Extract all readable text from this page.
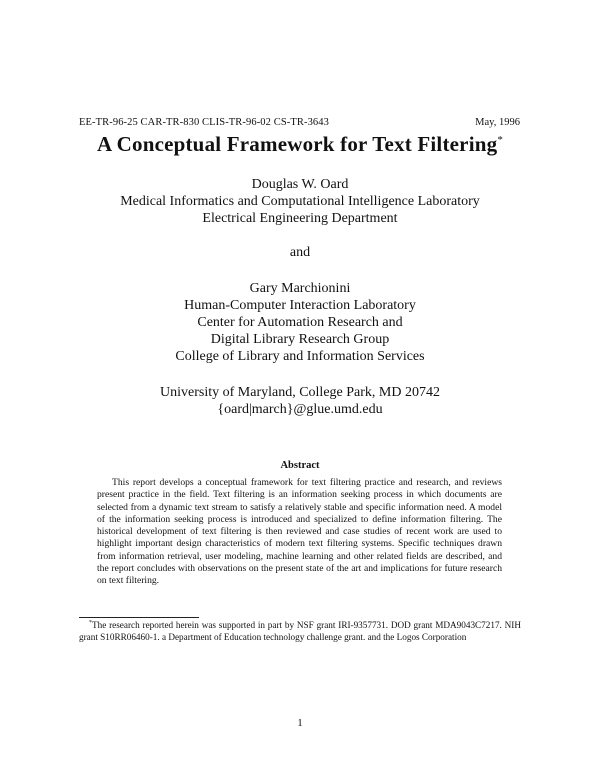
EE-TR-96-25 CAR-TR-830 CLIS-TR-96-02 CS-TR-3643	May, 1996
A Conceptual Framework for Text Filtering*
Douglas W. Oard
Medical Informatics and Computational Intelligence Laboratory
Electrical Engineering Department
and
Gary Marchionini
Human-Computer Interaction Laboratory
Center for Automation Research and
Digital Library Research Group
College of Library and Information Services
University of Maryland, College Park, MD 20742
{oard|march}@glue.umd.edu
Abstract

This report develops a conceptual framework for text filtering practice and research, and reviews present practice in the field. Text filtering is an information seeking process in which documents are selected from a dynamic text stream to satisfy a relatively stable and specific information need. A model of the information seeking process is introduced and specialized to define information filtering. The historical development of text filtering is then reviewed and case studies of recent work are used to highlight important design characteristics of modern text filtering systems. Specific techniques drawn from information retrieval, user modeling, machine learning and other related fields are described, and the report concludes with observations on the present state of the art and implications for future research on text filtering.

*The research reported herein was supported in part by NSF grant IRI-9357731. DOD grant MDA9043C7217. NIH grant S10RR06460-1. a Department of Education technology challenge grant. and the Logos Corporation

1
